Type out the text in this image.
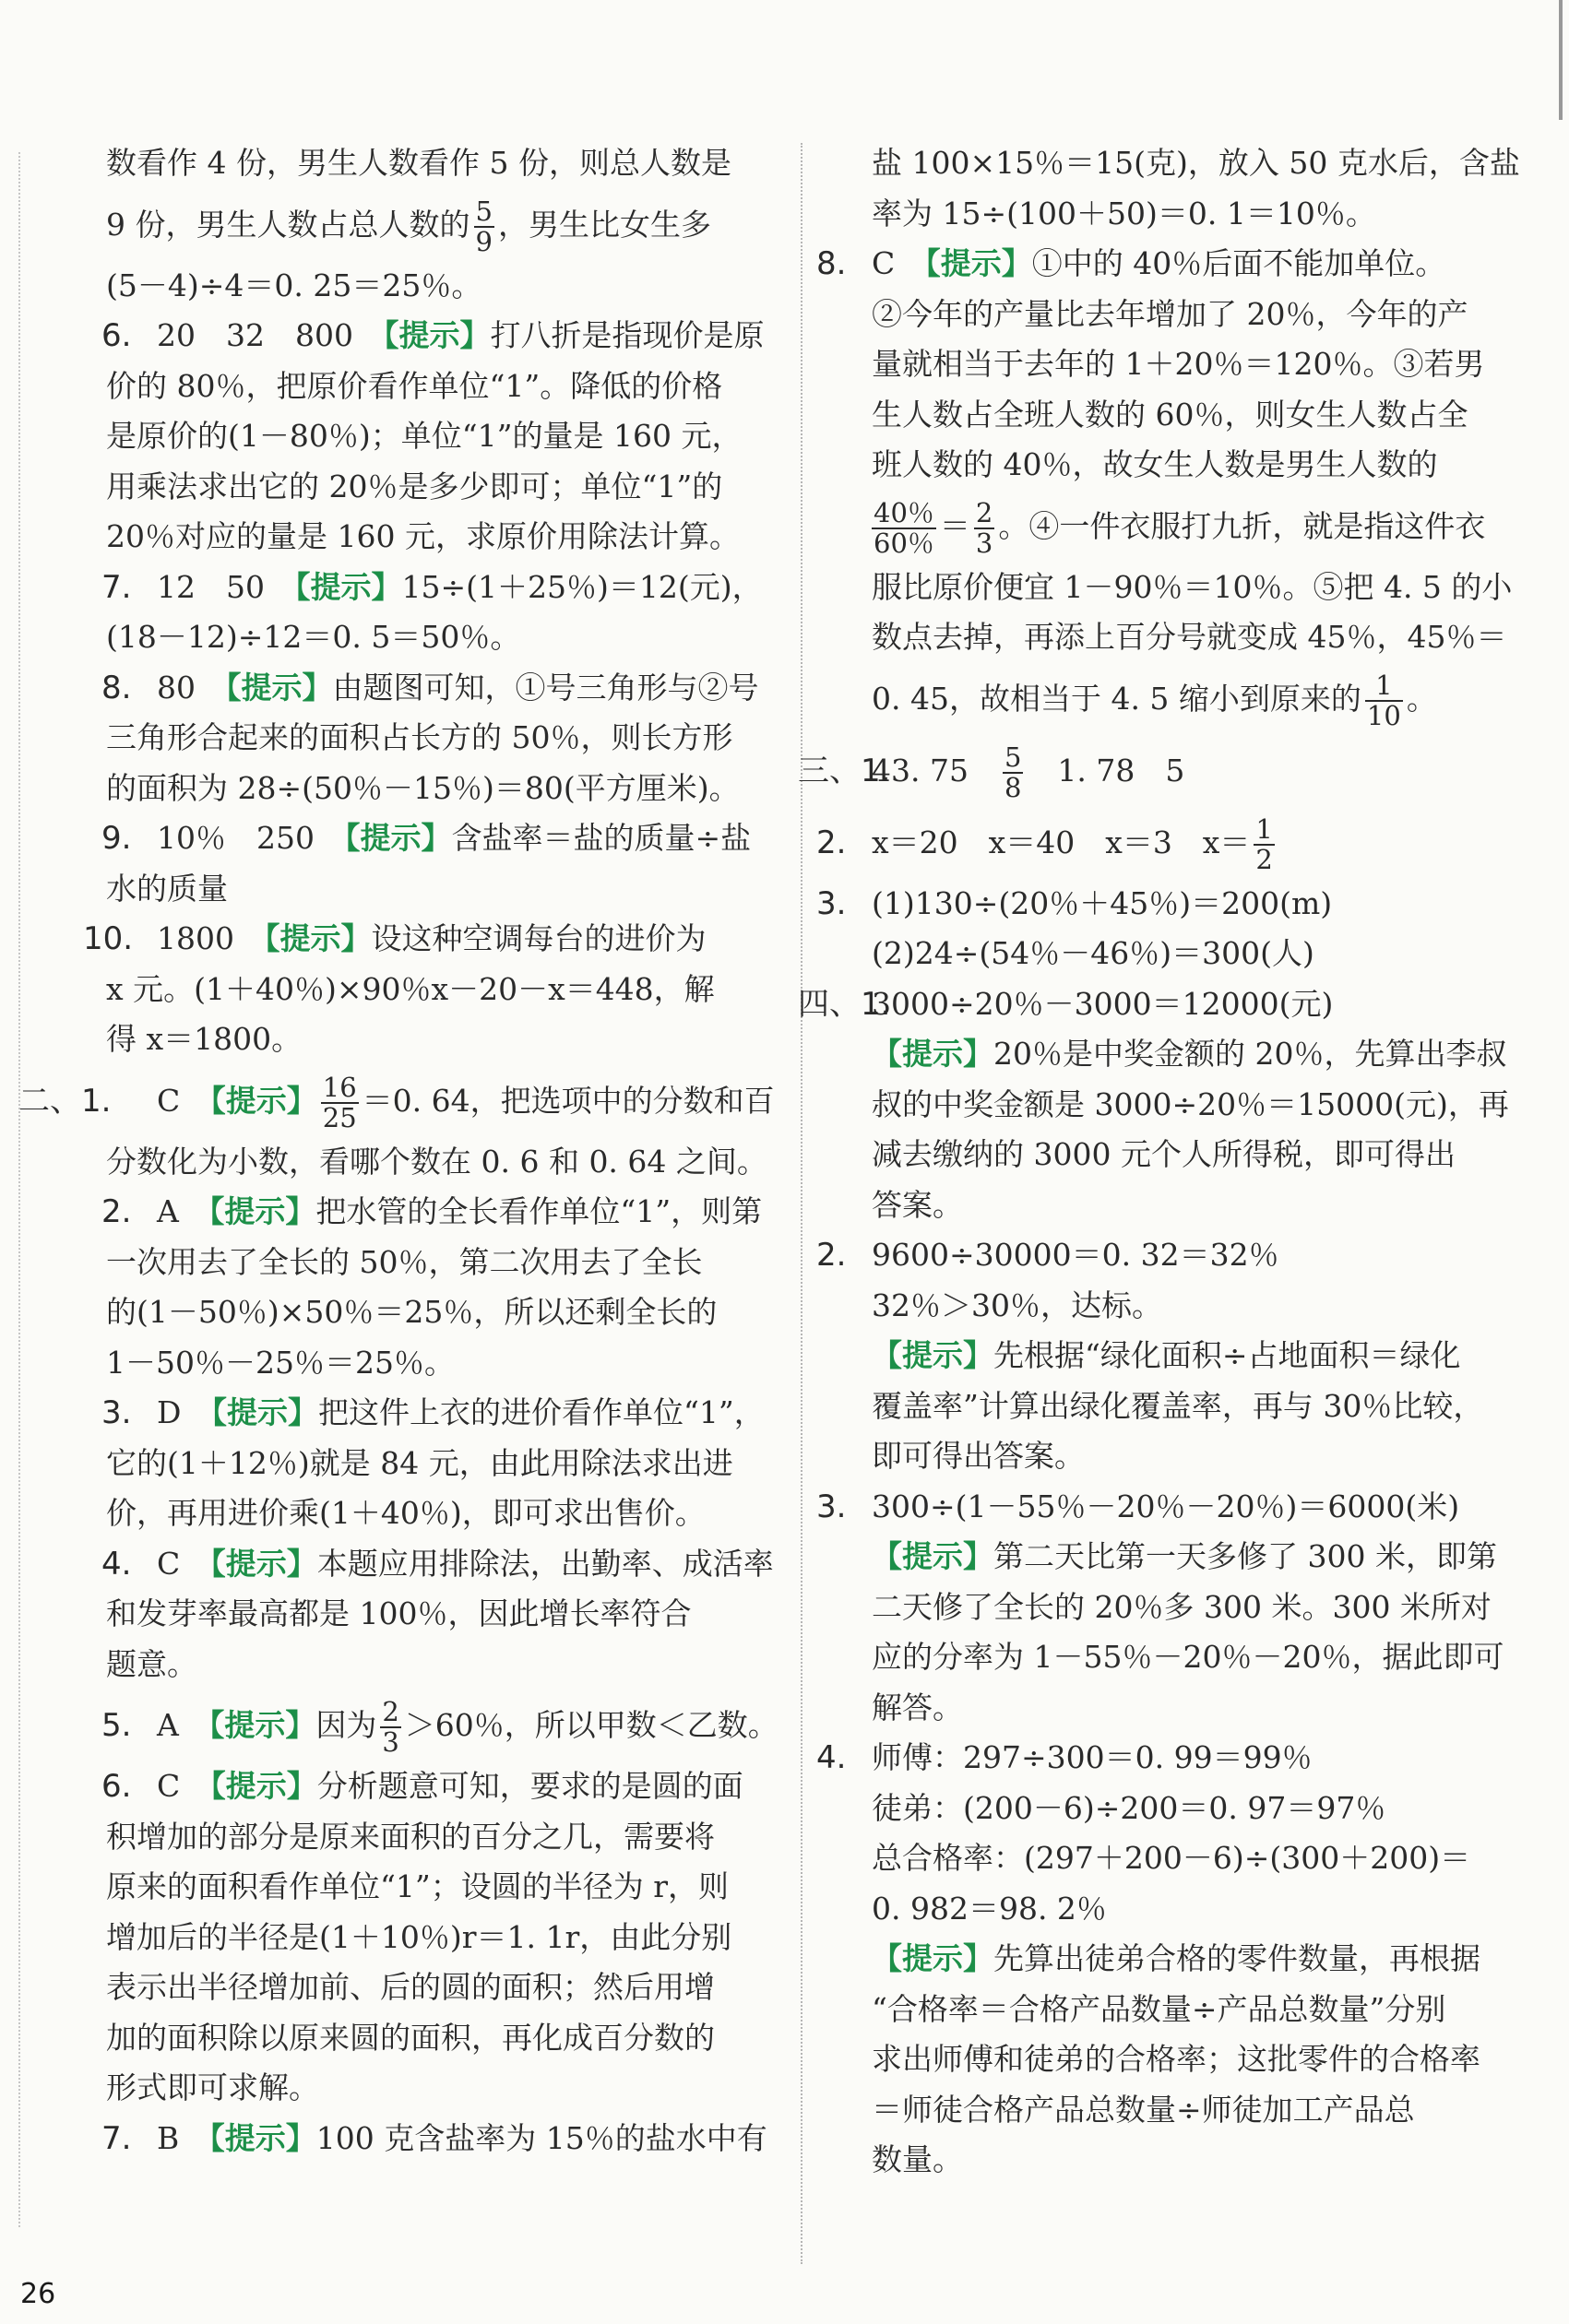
数看作 4 份，男生人数看作 5 份，则总人数是
9 份，男生人数占总人数的 $\frac{5}{9}$ ，男生比女生多
(5－4)÷4＝0. 25＝25％。
6. 20　32　800　【提示】打八折是指现价是原
价的 80％，把原价看作单位“1”。降低的价格
是原价的(1－80％)；单位“1”的量是 160 元，
用乘法求出它的 20％是多少即可；单位“1”的
20％对应的量是 160 元，求原价用除法计算。
7. 12　50　【提示】15÷(1＋25％)＝12(元)，
(18－12)÷12＝0. 5＝50％。
8. 80　【提示】由题图可知，①号三角形与②号
三角形合起来的面积占长方的 50％，则长方形
的面积为 28÷(50％－15％)＝80(平方厘米)。
9. 10％　250　【提示】含盐率＝盐的质量÷盐
水的质量
10. 1800　【提示】设这种空调每台的进价为
x 元。(1＋40％)×90％x－20－x＝448，解
得 x＝1800。
二、1. C　【提示】 $\frac{16}{25} =0$. 64，把选项中的分数和百
分数化为小数，看哪个数在 0. 6 和 0. 64 之间。
2. A　【提示】把水管的全长看作单位“1”，则第
一次用去了全长的 50％，第二次用去了全长
的(1－50％)×50％＝25％，所以还剩全长的
1－50％－25％＝25％。
3. D　【提示】把这件上衣的进价看作单位“1”，
它的(1＋12％)就是 84 元，由此用除法求出进
价，再用进价乘(1＋40％)，即可求出售价。
4. C　【提示】本题应用排除法，出勤率、成活率
和发芽率最高都是 100％，因此增长率符合
题意。
5. A　【提示】因为 $\frac{2}{3} >60$％，所以甲数＜乙数。
6. C　【提示】分析题意可知，要求的是圆的面
积增加的部分是原来面积的百分之几，需要将
原来的面积看作单位“1”；设圆的半径为 r，则
增加后的半径是(1＋10％)r＝1. 1r，由此分别
表示出半径增加前、后的圆的面积；然后用增
加的面积除以原来圆的面积，再化成百分数的
形式即可求解。
7. B　【提示】100 克含盐率为 15％的盐水中有
盐 100×15％＝15(克)，放入 50 克水后，含盐
率为 15÷(100＋50)＝0. 1＝10％。
8. C　【提示】①中的 40％后面不能加单位。
②今年的产量比去年增加了 20％，今年的产
量就相当于去年的 1＋20％＝120％。③若男
生人数占全班人数的 60％，则女生人数占全
班人数的 40％，故女生人数是男生人数的
$\frac{40\%}{60\%} = \frac{2}{3}$ 。④一件衣服打九折，就是指这件衣
服比原价便宜 1－90％＝10％。⑤把 4. 5 的小
数点去掉，再添上百分号就变成 45％，45％＝
0. 45，故相当于 4. 5 缩小到原来的 $\frac{1}{10}$ 。
三、1.
43. 75　 $\frac{5}{8}$ 　1. 78　5
2. x＝20　x＝40　x＝3　$x= \frac{1}{2}$
3. (1)130÷(20％＋45％)＝200(m)
(2)24÷(54％－46％)＝300(人)
四、1.
3000÷20％－3000＝12000(元)
【提示】20％是中奖金额的 20％，先算出李叔
叔的中奖金额是 3000÷20％＝15000(元)，再
减去缴纳的 3000 元个人所得税，即可得出
答案。
2. 9600÷30000＝0. 32＝32％
32％＞30％，达标。
【提示】先根据“绿化面积÷占地面积＝绿化
覆盖率”计算出绿化覆盖率，再与 30％比较，
即可得出答案。
3. 300÷(1－55％－20％－20％)＝6000(米)
【提示】第二天比第一天多修了 300 米，即第
二天修了全长的 20％多 300 米。300 米所对
应的分率为 1－55％－20％－20％，据此即可
解答。
4. 师傅：297÷300＝0. 99＝99％
徒弟：(200－6)÷200＝0. 97＝97％
总合格率：(297＋200－6)÷(300＋200)＝
0. 982＝98. 2％
【提示】先算出徒弟合格的零件数量，再根据
“合格率＝合格产品数量÷产品总数量”分别
求出师傅和徒弟的合格率；这批零件的合格率
＝师徒合格产品总数量÷师徒加工产品总
数量。
26
